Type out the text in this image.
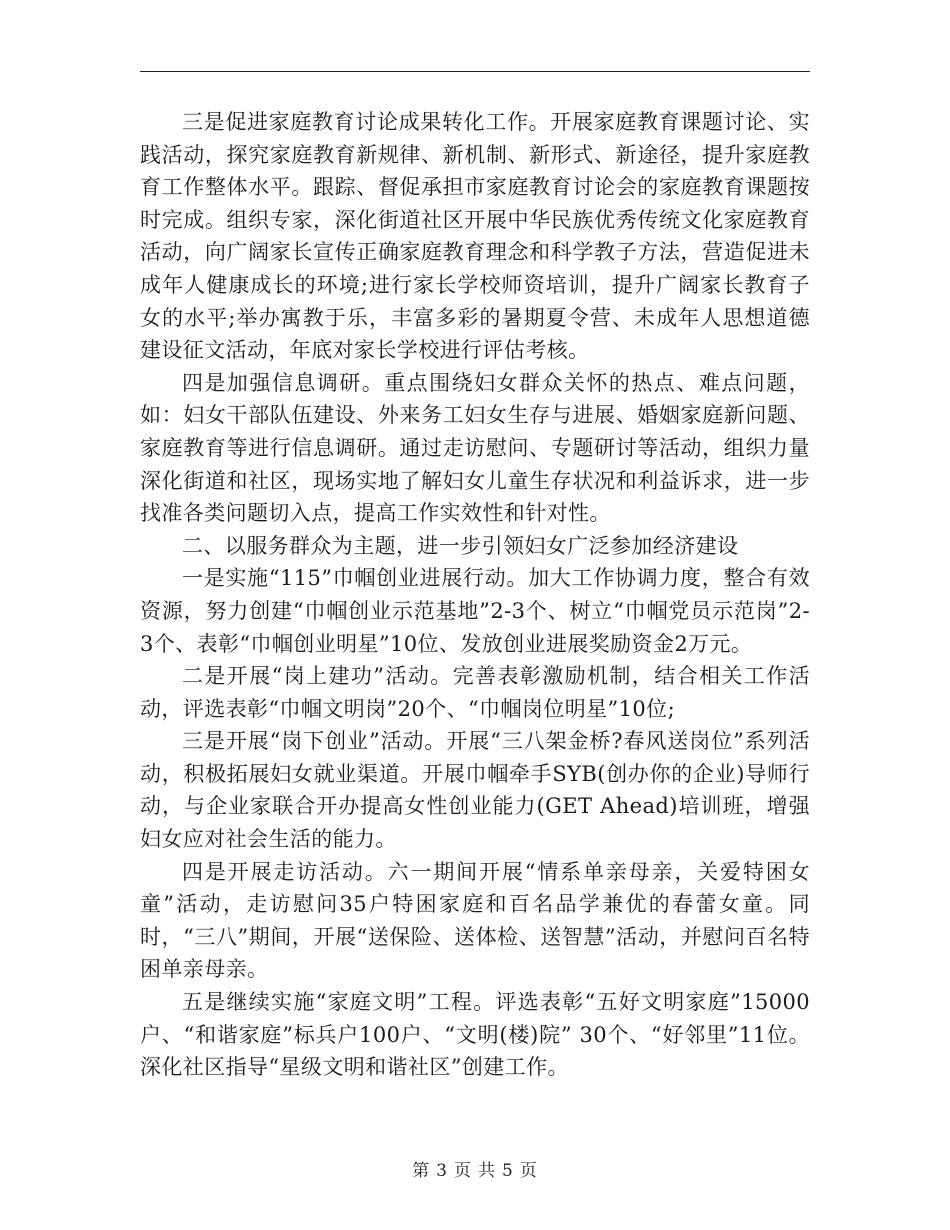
三是促进家庭教育讨论成果转化工作。开展家庭教育课题讨论、实践活动，探究家庭教育新规律、新机制、新形式、新途径，提升家庭教育工作整体水平。跟踪、督促承担市家庭教育讨论会的家庭教育课题按时完成。组织专家，深化街道社区开展中华民族优秀传统文化家庭教育活动，向广阔家长宣传正确家庭教育理念和科学教子方法，营造促进未成年人健康成长的环境;进行家长学校师资培训，提升广阔家长教育子女的水平;举办寓教于乐，丰富多彩的暑期夏令营、未成年人思想道德建设征文活动，年底对家长学校进行评估考核。

四是加强信息调研。重点围绕妇女群众关怀的热点、难点问题，如：妇女干部队伍建设、外来务工妇女生存与进展、婚姻家庭新问题、家庭教育等进行信息调研。通过走访慰问、专题研讨等活动，组织力量深化街道和社区，现场实地了解妇女儿童生存状况和利益诉求，进一步找准各类问题切入点，提高工作实效性和针对性。

二、以服务群众为主题，进一步引领妇女广泛参加经济建设

一是实施“115”巾帼创业进展行动。加大工作协调力度，整合有效资源，努力创建“巾帼创业示范基地”2-3个、树立“巾帼党员示范岗”2-3个、表彰“巾帼创业明星”10位、发放创业进展奖励资金2万元。

二是开展“岗上建功”活动。完善表彰激励机制，结合相关工作活动，评选表彰“巾帼文明岗”20个、“巾帼岗位明星”10位;

三是开展“岗下创业”活动。开展“三八架金桥?春风送岗位”系列活动，积极拓展妇女就业渠道。开展巾帼牵手SYB(创办你的企业)导师行动，与企业家联合开办提高女性创业能力(GET Ahead)培训班，增强妇女应对社会生活的能力。

四是开展走访活动。六一期间开展“情系单亲母亲，关爱特困女童”活动，走访慰问35户特困家庭和百名品学兼优的春蕾女童。同时，“三八”期间，开展“送保险、送体检、送智慧”活动，并慰问百名特困单亲母亲。

五是继续实施“家庭文明”工程。评选表彰“五好文明家庭”15000户、“和谐家庭”标兵户100户、“文明(楼)院” 30个、“好邻里”11位。深化社区指导“星级文明和谐社区”创建工作。

第 3 页 共 5 页
